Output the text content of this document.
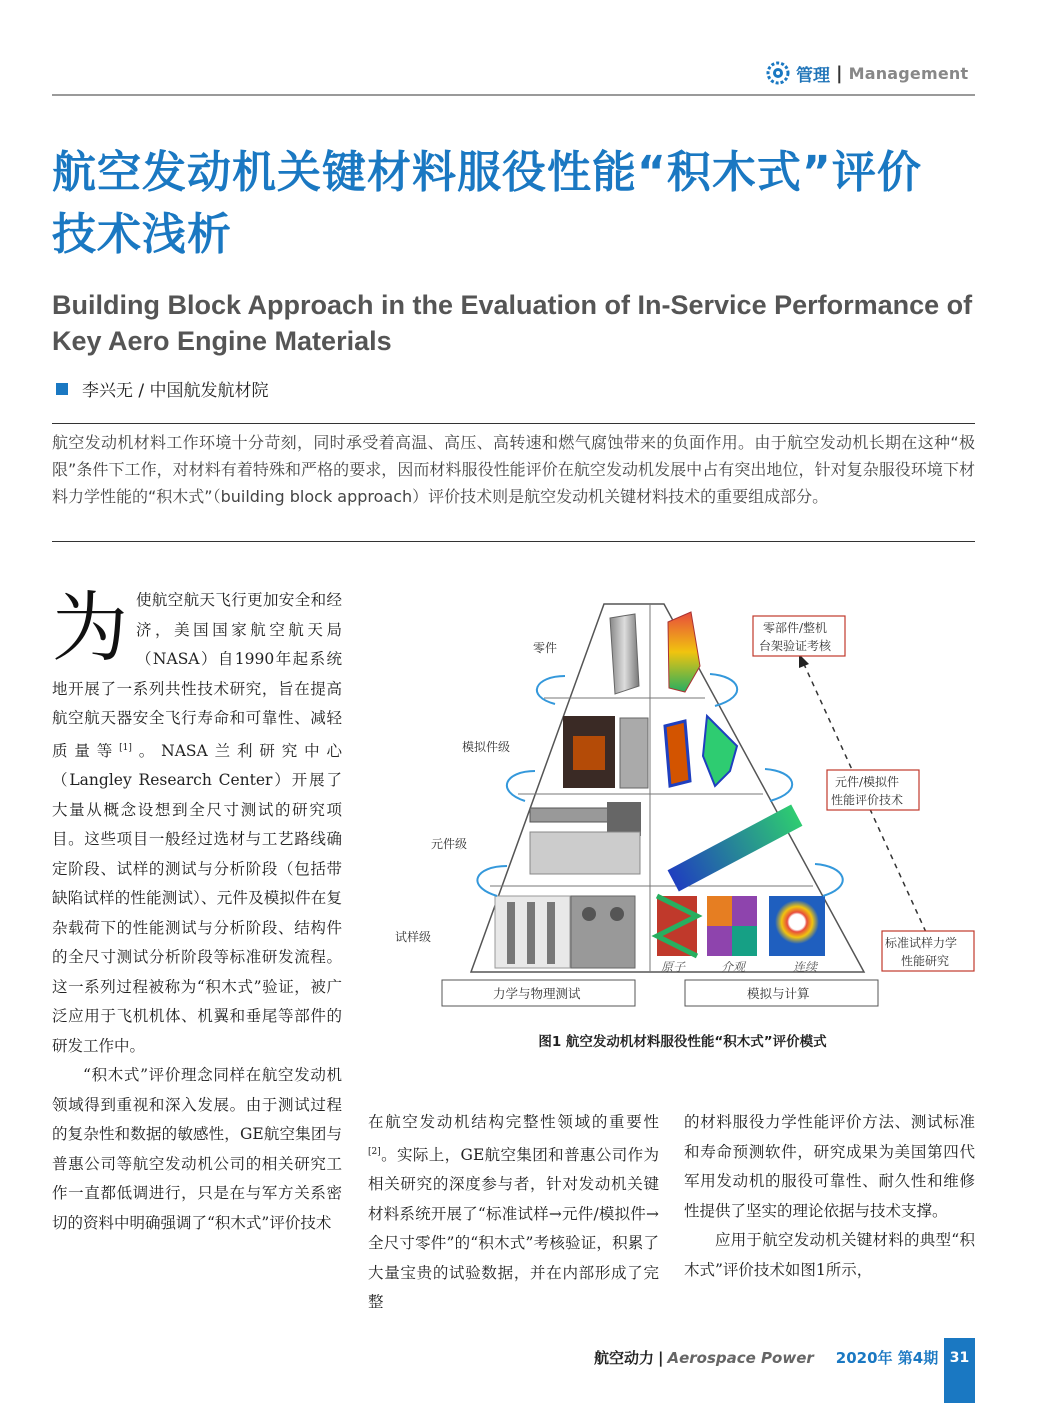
管理 | Management
航空发动机关键材料服役性能“积木式”评价
技术浅析
Building Block Approach in the Evaluation of In-Service Performance of
Key Aero Engine Materials
李兴无 / 中国航发航材院
航空发动机材料工作环境十分苛刻，同时承受着高温、高压、高转速和燃气腐蚀带来的负面作用。由于航空发动机长期在这种“极限”条件下工作，对材料有着特殊和严格的要求，因而材料服役性能评价在航空发动机发展中占有突出地位，针对复杂服役环境下材料力学性能的“积木式”（building block approach）评价技术则是航空发动机关键材料技术的重要组成部分。

为 使航空航天飞行更加安全和经济，美国国家航空航天局（NASA）自1990年起系统地开展了一系列共性技术研究，旨在提高航空航天器安全飞行寿命和可靠性、减轻质量等[1]。NASA兰利研究中心（Langley Research Center）开展了大量从概念设想到全尺寸测试的研究项目。这些项目一般经过选材与工艺路线确定阶段、试样的测试与分析阶段（包括带缺陷试样的性能测试）、元件及模拟件在复杂载荷下的性能测试与分析阶段、结构件的全尺寸测试分析阶段等标准研发流程。这一系列过程被称为“积木式”验证，被广泛应用于飞机机体、机翼和垂尾等部件的研发工作中。

“积木式”评价理念同样在航空发动机领域得到重视和深入发展。由于测试过程的复杂性和数据的敏感性，GE航空集团与普惠公司等航空发动机公司的相关研究工作一直都低调进行，只是在与军方关系密切的资料中明确强调了“积木式”评价技术

在航空发动机结构完整性领域的重要性[2]。实际上，GE航空集团和普惠公司作为相关研究的深度参与者，针对发动机关键材料系统开展了“标准试样→元件/模拟件→全尺寸零件”的“积木式”考核验证，积累了大量宝贵的试验数据，并在内部形成了完整

的材料服役力学性能评价方法、测试标准和寿命预测软件，研究成果为美国第四代军用发动机的服役可靠性、耐久性和维修性提供了坚实的理论依据与技术支撑。

应用于航空发动机关键材料的典型“积木式”评价技术如图1所示，

原子	介观	连续
零件
模拟件级
元件级
试样级
零部件/整机
台架验证考核
元件/模拟件
性能评价技术
标准试样力学
性能研究
力学与物理测试	模拟与计算
图1 航空发动机材料服役性能“积木式”评价模式
航空动力 | Aerospace Power 2020年 第4期 31
